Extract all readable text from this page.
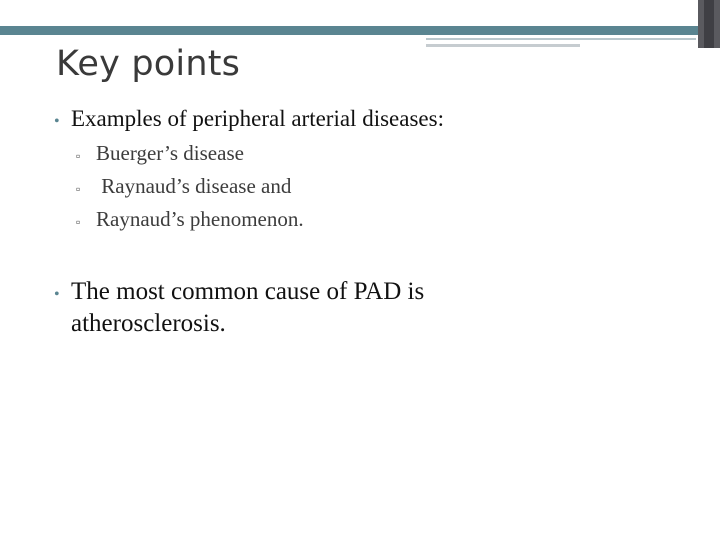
Key points
• Examples of peripheral arterial diseases:
▫ Buerger’s disease
▫ Raynaud’s disease and
▫ Raynaud’s phenomenon.
• The most common cause of PAD is atherosclerosis.
